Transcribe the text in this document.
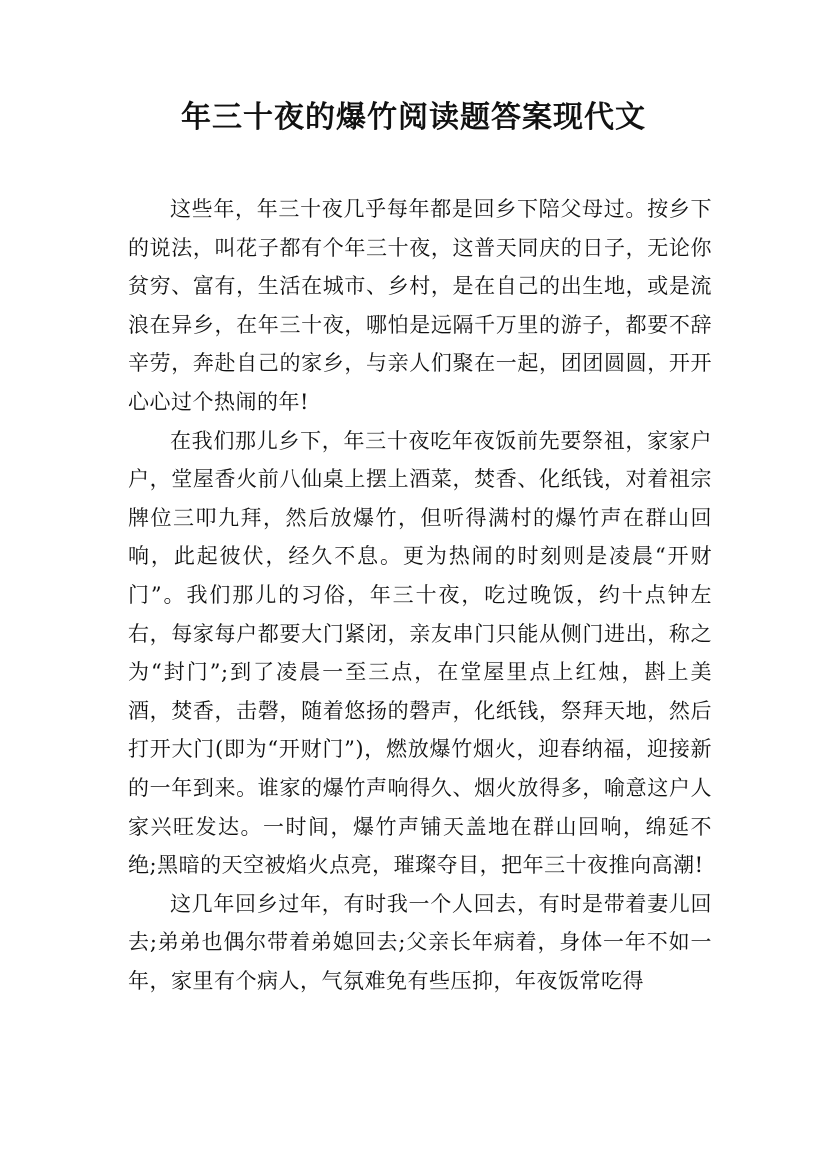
年三十夜的爆竹阅读题答案现代文

这些年，年三十夜几乎每年都是回乡下陪父母过。按乡下的说法，叫花子都有个年三十夜，这普天同庆的日子，无论你贫穷、富有，生活在城市、乡村，是在自己的出生地，或是流浪在异乡，在年三十夜，哪怕是远隔千万里的游子，都要不辞辛劳，奔赴自己的家乡，与亲人们聚在一起，团团圆圆，开开心心过个热闹的年!

在我们那儿乡下，年三十夜吃年夜饭前先要祭祖，家家户户，堂屋香火前八仙桌上摆上酒菜，焚香、化纸钱，对着祖宗牌位三叩九拜，然后放爆竹，但听得满村的爆竹声在群山回响，此起彼伏，经久不息。更为热闹的时刻则是凌晨“开财门”。我们那儿的习俗，年三十夜，吃过晚饭，约十点钟左右，每家每户都要大门紧闭，亲友串门只能从侧门进出，称之为“封门”;到了凌晨一至三点，在堂屋里点上红烛，斟上美酒，焚香，击磬，随着悠扬的磬声，化纸钱，祭拜天地，然后打开大门(即为“开财门”)，燃放爆竹烟火，迎春纳福，迎接新的一年到来。谁家的爆竹声响得久、烟火放得多，喻意这户人家兴旺发达。一时间，爆竹声铺天盖地在群山回响，绵延不绝;黑暗的天空被焰火点亮，璀璨夺目，把年三十夜推向高潮!

这几年回乡过年，有时我一个人回去，有时是带着妻儿回去;弟弟也偶尔带着弟媳回去;父亲长年病着，身体一年不如一年，家里有个病人，气氛难免有些压抑，年夜饭常吃得
